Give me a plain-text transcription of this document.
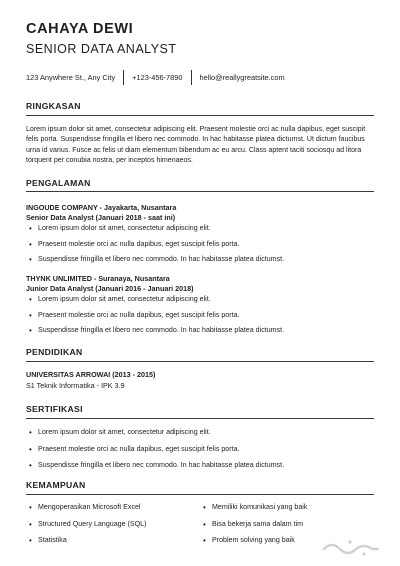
CAHAYA DEWI
SENIOR DATA ANALYST
123 Anywhere St., Any City +123-456-7890 hello@reallygreatsite.com
RINGKASAN
Lorem ipsum dolor sit amet, consectetur adipiscing elit. Praesent molestie orci ac nulla dapibus, eget suscipit felis porta. Suspendisse fringilla et libero nec commodo. In hac habitasse platea dictumst. Ut dictum faucibus urna id varius. Fusce ac felis ut diam elementum bibendum ac eu arcu. Class aptent taciti sociosqu ad litora torquent per conubia nostra, per inceptos himenaeos.
PENGALAMAN
INGOUDE COMPANY - Jayakarta, Nusantara
Senior Data Analyst (Januari 2018 - saat ini)
• Lorem ipsum dolor sit amet, consectetur adipiscing elit.
• Praesent molestie orci ac nulla dapibus, eget suscipit felis porta.
• Suspendisse fringilla et libero nec commodo. In hac habitasse platea dictumst.
THYNK UNLIMITED - Suranaya, Nusantara
Junior Data Analyst (Januari 2016 - Januari 2018)
• Lorem ipsum dolor sit amet, consectetur adipiscing elit.
• Praesent molestie orci ac nulla dapibus, eget suscipit felis porta.
• Suspendisse fringilla et libero nec commodo. In hac habitasse platea dictumst.
PENDIDIKAN
UNIVERSITAS ARROWAI (2013 - 2015)
S1 Teknik Informatika - IPK 3.9
SERTIFIKASI
• Lorem ipsum dolor sit amet, consectetur adipiscing elit.
• Praesent molestie orci ac nulla dapibus, eget suscipit felis porta.
• Suspendisse fringilla et libero nec commodo. In hac habitasse platea dictumst.
KEMAMPUAN
• Mengoperasikan Microsoft Excel
• Structured Query Language (SQL)
• Statistika
• Memiliki komunikasi yang baik
• Bisa bekerja sama dalam tim
• Problem solving yang baik
